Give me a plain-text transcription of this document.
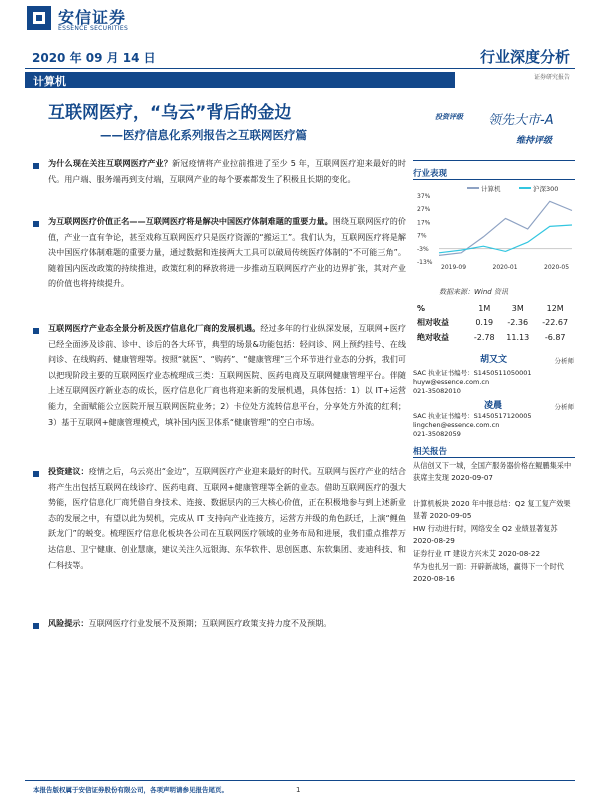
安信证券
ESSENCE SECURITIES
2020 年 09 月 14 日	行业深度分析
计算机	证券研究报告
互联网医疗，“乌云”背后的金边
——医疗信息化系列报告之互联网医疗篇
投资评级 领先大市-A
维持评级
为什么现在关注互联网医疗产业？新冠疫情将产业拉前推进了至少 5 年，互联网医疗迎来最好的时代。用户端、服务端再到支付端，互联网产业的每个要素都发生了积极且长期的变化。
为互联网医疗价值正名——互联网医疗将是解决中国医疗体制难题的重要力量。围绕互联网医疗的价值，产业一直有争论，甚至戏称互联网医疗只是医疗资源的“搬运工”。我们认为，互联网医疗将是解决中国医疗体制难题的重要力量，通过数据和连接两大工具可以破局传统医疗体制的“不可能三角”。随着国内医改政策的持续推进，政策红利的释放将进一步推动互联网医疗产业的边界扩张，其对产业的价值也将持续提升。
互联网医疗产业态全景分析及医疗信息化厂商的发展机遇。经过多年的行业纵深发展，互联网+医疗已经全面涉及诊前、诊中、诊后的各大环节，典型的场景&功能包括：轻问诊、网上预约挂号、在线问诊、在线购药、健康管理等。按照“就医”、“购药”、“健康管理”三个环节进行业态的分拆，我们可以把现阶段主要的互联网医疗业态梳理成三类：互联网医院、医药电商及互联网健康管理平台。伴随上述互联网医疗新业态的成长，医疗信息化厂商也将迎来新的发展机遇，具体包括：1）以 IT+运营能力，全面赋能公立医院开展互联网医院业务；2）卡位处方流转信息平台，分享处方外流的红利；3）基于互联网+健康管理模式，填补国内医卫体系“健康管理”的空白市场。
投资建议：疫情之后，乌云亮出“金边”，互联网医疗产业迎来最好的时代。互联网与医疗产业的结合将产生出包括互联网在线诊疗、医药电商、互联网+健康管理等全新的业态。借助互联网医疗的强大势能，医疗信息化厂商凭借自身技术、连接、数据层内的三大核心价值，正在积极地参与到上述新业态的发展之中，有望以此为契机，完成从 IT 支持向产业连接方，运营方并级的角色跃迁，上演“鲤鱼跃龙门”的蜕变。梳理医疗信息化板块各公司在互联网医疗领域的业务布局和进展，我们重点推荐万达信息、卫宁健康、创业慧康，建议关注久远银海、东华软件、思创医惠、东软集团、麦迪科技、和仁科技等。
风险提示：互联网医疗行业发展不及预期；互联网医疗政策支持力度不及预期。
行业表现
计算机	沪深300
37%
27%
17%
7%
-3%
-13%
2019-09	2020-01	2020-05
数据来源：Wind 资讯
%	1M	3M	12M
相对收益	0.19	-2.36	-22.67
绝对收益	-2.78	11.13	-6.87
胡又文	分析师
SAC 执业证书编号：S1450511050001
huyw@essence.com.cn
021-35082010
凌晨	分析师
SAC 执业证书编号：S1450517120005
lingchen@essence.com.cn
021-35082059
相关报告
从信创又下一城，全国产服务器价格在鲲鹏集采中获席主发现 2020-09-07
计算机板块 2020 年中报总结：Q2 复工复产效果显著 2020-09-05
HW 行动进行时，网络安全 Q2 业绩显著复苏 2020-08-29
证券行业 IT 建设方兴未艾 2020-08-22
华为也扎另一面：开辟新战场，赢得下一个时代 2020-08-16
本报告版权属于安信证券股份有限公司，各项声明请参见报告尾页。	1
